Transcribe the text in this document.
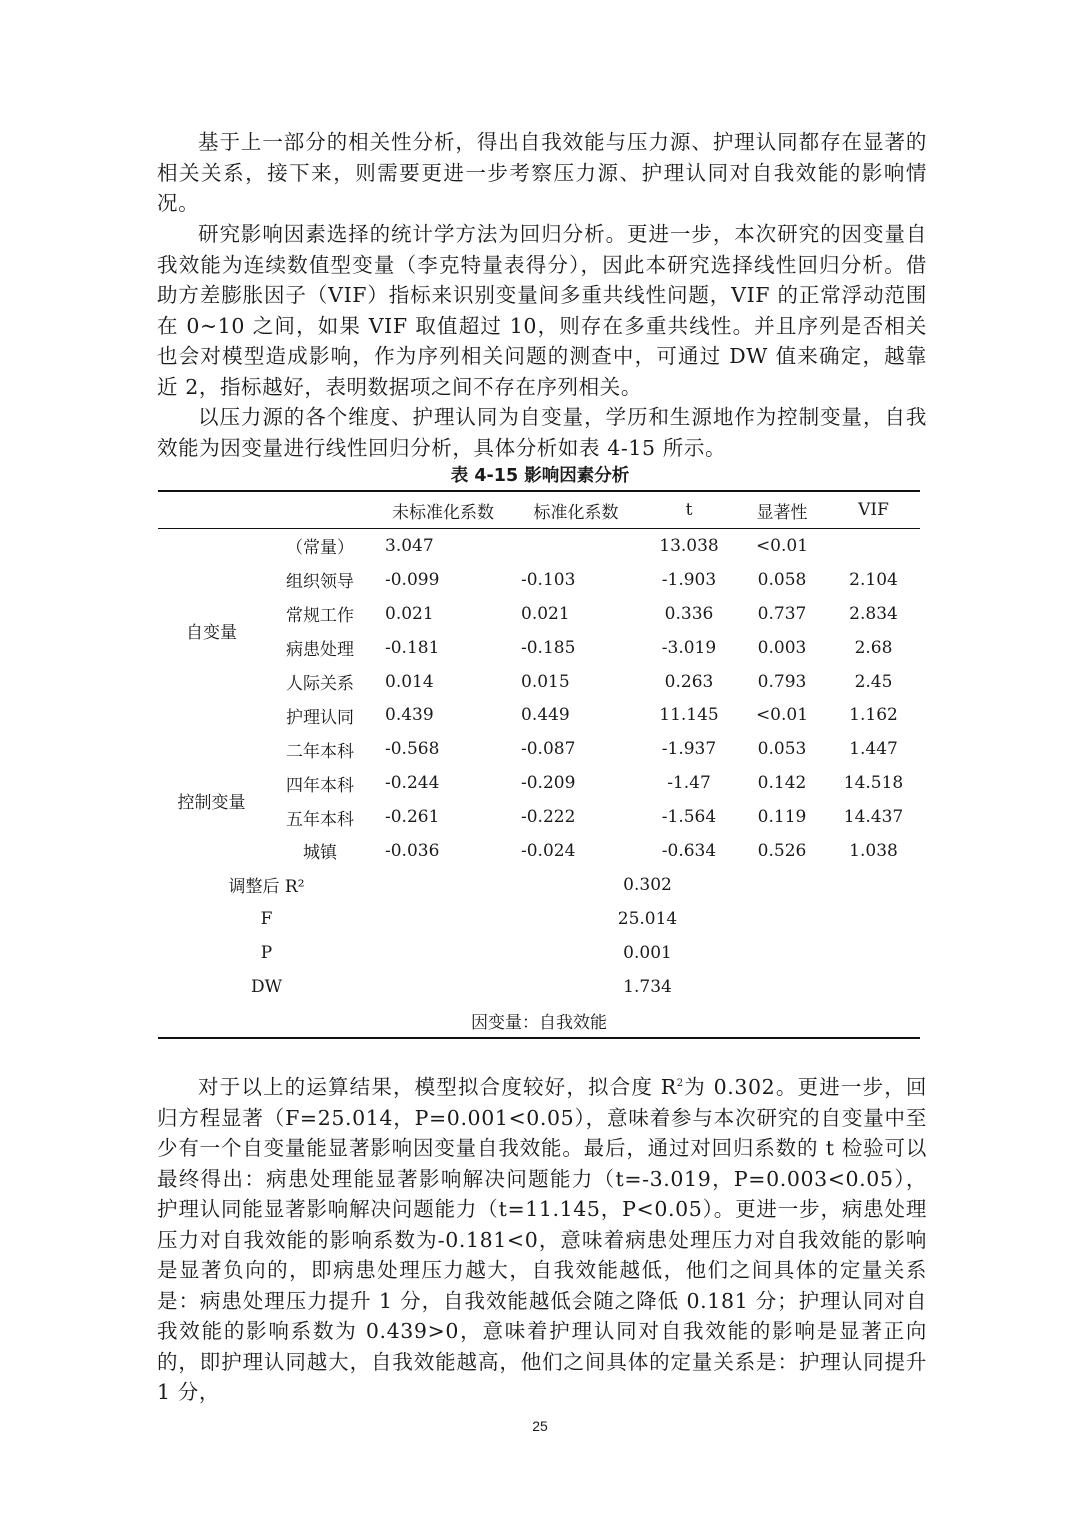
基于上一部分的相关性分析，得出自我效能与压力源、护理认同都存在显著的相关关系，接下来，则需要更进一步考察压力源、护理认同对自我效能的影响情况。

研究影响因素选择的统计学方法为回归分析。更进一步，本次研究的因变量自我效能为连续数值型变量（李克特量表得分），因此本研究选择线性回归分析。借助方差膨胀因子（VIF）指标来识别变量间多重共线性问题，VIF 的正常浮动范围在 0~10 之间，如果 VIF 取值超过 10，则存在多重共线性。并且序列是否相关也会对模型造成影响，作为序列相关问题的测查中，可通过 DW 值来确定，越靠近 2，指标越好，表明数据项之间不存在序列相关。

以压力源的各个维度、护理认同为自变量，学历和生源地作为控制变量，自我效能为因变量进行线性回归分析，具体分析如表 4-15 所示。

表 4-15 影响因素分析
		未标准化系数	标准化系数	t	显著性	VIF
自变量	（常量）	3.047		13.038	<0.01	
	组织领导	-0.099	-0.103	-1.903	0.058	2.104
	常规工作	0.021	0.021	0.336	0.737	2.834
	病患处理	-0.181	-0.185	-3.019	0.003	2.68
	人际关系	0.014	0.015	0.263	0.793	2.45
	护理认同	0.439	0.449	11.145	<0.01	1.162
控制变量	二年本科	-0.568	-0.087	-1.937	0.053	1.447
	四年本科	-0.244	-0.209	-1.47	0.142	14.518
	五年本科	-0.261	-0.222	-1.564	0.119	14.437
	城镇	-0.036	-0.024	-0.634	0.526	1.038
调整后 R²		0.302				
F		25.014				
P		0.001				
DW		1.734				
因变量：自我效能						

对于以上的运算结果，模型拟合度较好，拟合度 $R^2$为 0.302。更进一步，回归方程显著（F=25.014，P=0.001<0.05），意味着参与本次研究的自变量中至少有一个自变量能显著影响因变量自我效能。最后，通过对回归系数的 t 检验可以最终得出：病患处理能显著影响解决问题能力（t=-3.019，P=0.003<0.05），护理认同能显著影响解决问题能力（t=11.145，P<0.05）。更进一步，病患处理压力对自我效能的影响系数为-0.181<0，意味着病患处理压力对自我效能的影响是显著负向的，即病患处理压力越大，自我效能越低，他们之间具体的定量关系是：病患处理压力提升 1 分，自我效能越低会随之降低 0.181 分；护理认同对自我效能的影响系数为 0.439>0，意味着护理认同对自我效能的影响是显著正向的，即护理认同越大，自我效能越高，他们之间具体的定量关系是：护理认同提升 1 分，

25
